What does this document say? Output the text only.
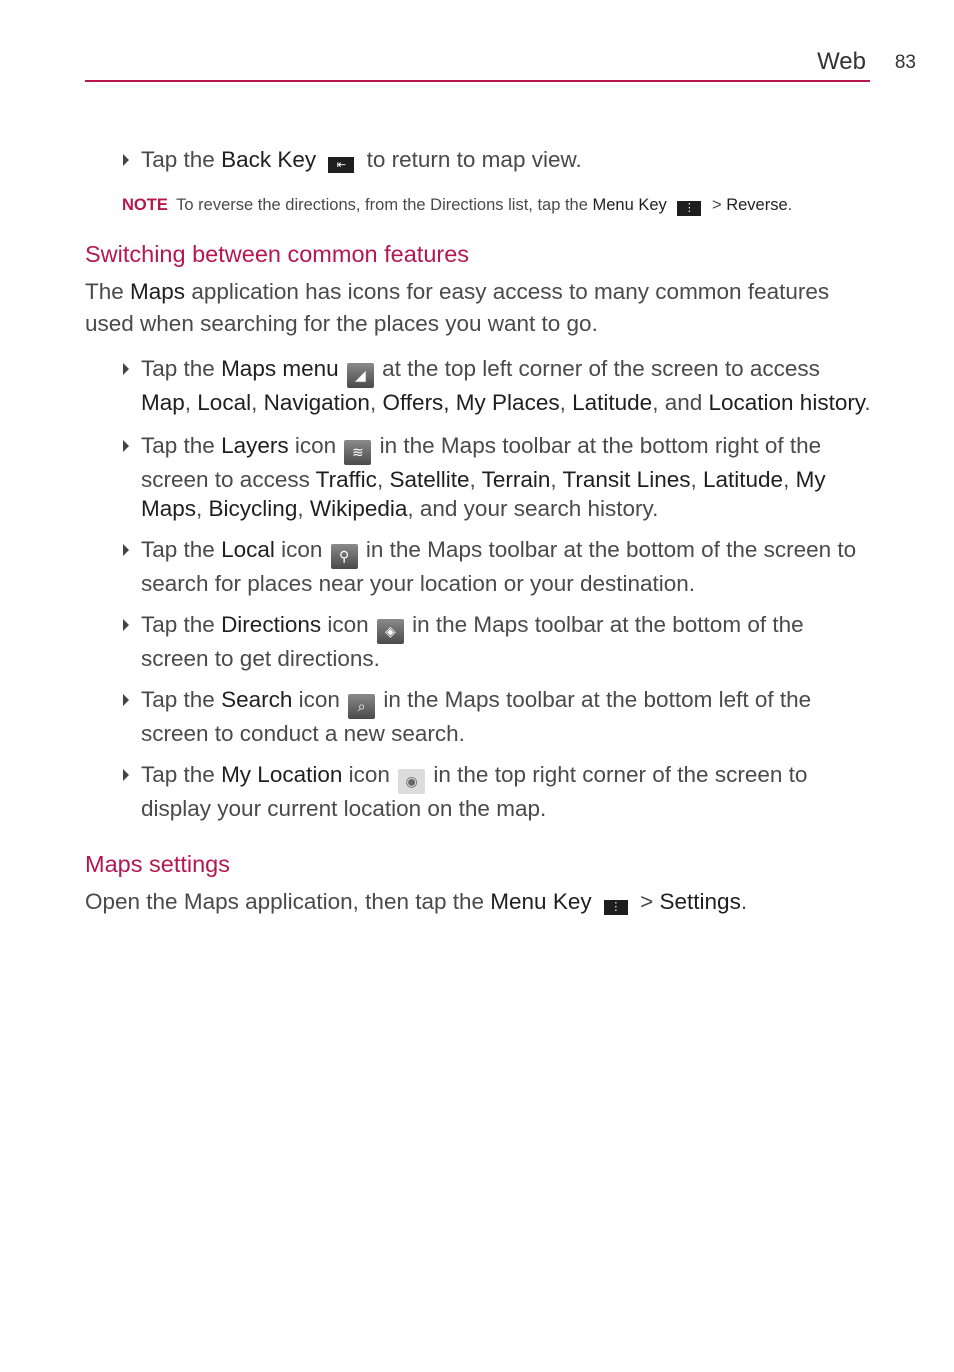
Web 83
Tap the Back Key ⇤ to return to map view.
NOTE To reverse the directions, from the Directions list, tap the Menu Key ⋮ > Reverse.
Switching between common features

The Maps application has icons for easy access to many common features used when searching for the places you want to go.

Tap the Maps menu ◢ at the top left corner of the screen to access Map, Local, Navigation, Offers, My Places, Latitude, and Location history.
Tap the Layers icon ≋ in the Maps toolbar at the bottom right of the screen to access Traffic, Satellite, Terrain, Transit Lines, Latitude, My Maps, Bicycling, Wikipedia, and your search history.
Tap the Local icon ⚲ in the Maps toolbar at the bottom of the screen to search for places near your location or your destination.
Tap the Directions icon ◈ in the Maps toolbar at the bottom of the screen to get directions.
Tap the Search icon ⌕ in the Maps toolbar at the bottom left of the screen to conduct a new search.
Tap the My Location icon ◉ in the top right corner of the screen to display your current location on the map.
Maps settings

Open the Maps application, then tap the Menu Key ⋮ > Settings.
